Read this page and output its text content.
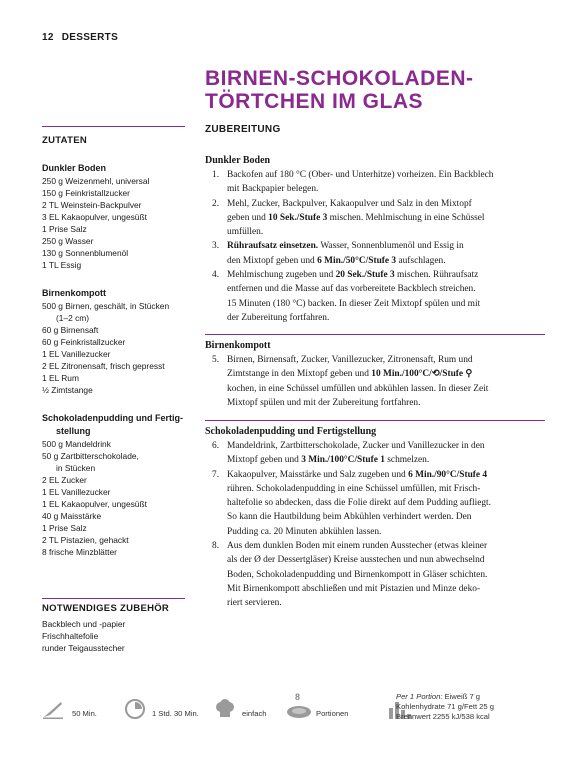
12 DESSERTS
BIRNEN-SCHOKOLADEN-
TÖRTCHEN IM GLAS
ZUTATEN
Dunkler Boden
250 g Weizenmehl, universal
150 g Feinkristallzucker
2 TL Weinstein-Backpulver
3 EL Kakaopulver, ungesüßt
1 Prise Salz
250 g Wasser
130 g Sonnenblumenöl
1 TL Essig
Birnenkompott
500 g Birnen, geschält, in Stücken
(1–2 cm)
60 g Birnensaft
60 g Feinkristallzucker
1 EL Vanillezucker
2 EL Zitronensaft, frisch gepresst
1 EL Rum
½ Zimtstange
Schokoladenpudding und Fertig-
stellung
500 g Mandeldrink
50 g Zartbitterschokolade,
in Stücken
2 EL Zucker
1 EL Vanillezucker
1 EL Kakaopulver, ungesüßt
40 g Maisstärke
1 Prise Salz
2 TL Pistazien, gehackt
8 frische Minzblätter
NOTWENDIGES ZUBEHÖR
Backblech und -papier
Frischhaltefolie
runder Teigausstecher
ZUBEREITUNG
Dunkler Boden
1. Backofen auf 180 °C (Ober- und Unterhitze) vorheizen. Ein Backblech
mit Backpapier belegen.
2. Mehl, Zucker, Backpulver, Kakaopulver und Salz in den Mixtopf
geben und 10 Sek./Stufe 3 mischen. Mehlmischung in eine Schüssel
umfüllen.
3. Rühraufsatz einsetzen. Wasser, Sonnenblumenöl und Essig in
den Mixtopf geben und 6 Min./50°C/Stufe 3 aufschlagen.
4. Mehlmischung zugeben und 20 Sek./Stufe 3 mischen. Rühraufsatz
entfernen und die Masse auf das vorbereitete Backblech streichen.
15 Minuten (180 °C) backen. In dieser Zeit Mixtopf spülen und mit
der Zubereitung fortfahren.
Birnenkompott
5. Birnen, Birnensaft, Zucker, Vanillezucker, Zitronensaft, Rum und
Zimtstange in den Mixtopf geben und 10 Min./100°C/⟲/Stufe ⚲
kochen, in eine Schüssel umfüllen und abkühlen lassen. In dieser Zeit
Mixtopf spülen und mit der Zubereitung fortfahren.
Schokoladenpudding und Fertigstellung
6. Mandeldrink, Zartbitterschokolade, Zucker und Vanillezucker in den
Mixtopf geben und 3 Min./100°C/Stufe 1 schmelzen.
7. Kakaopulver, Maisstärke und Salz zugeben und 6 Min./90°C/Stufe 4
rühren. Schokoladenpudding in eine Schüssel umfüllen, mit Frisch-
haltefolie so abdecken, dass die Folie direkt auf dem Pudding aufliegt.
So kann die Hautbildung beim Abkühlen verhindert werden. Den
Pudding ca. 20 Minuten abkühlen lassen.
8. Aus dem dunklen Boden mit einem runden Ausstecher (etwas kleiner
als der Ø der Dessertgläser) Kreise ausstechen und nun abwechselnd
Boden, Schokoladenpudding und Birnenkompott in Gläser schichten.
Mit Birnenkompott abschließen und mit Pistazien und Minze deko-
riert servieren.
50 Min.	1 Std. 30 Min.	einfach
8
Portionen
Per 1 Portion: Eiweiß 7 g
Kohlenhydrate 71 g/Fett 25 g
Brennwert 2255 kJ/538 kcal
